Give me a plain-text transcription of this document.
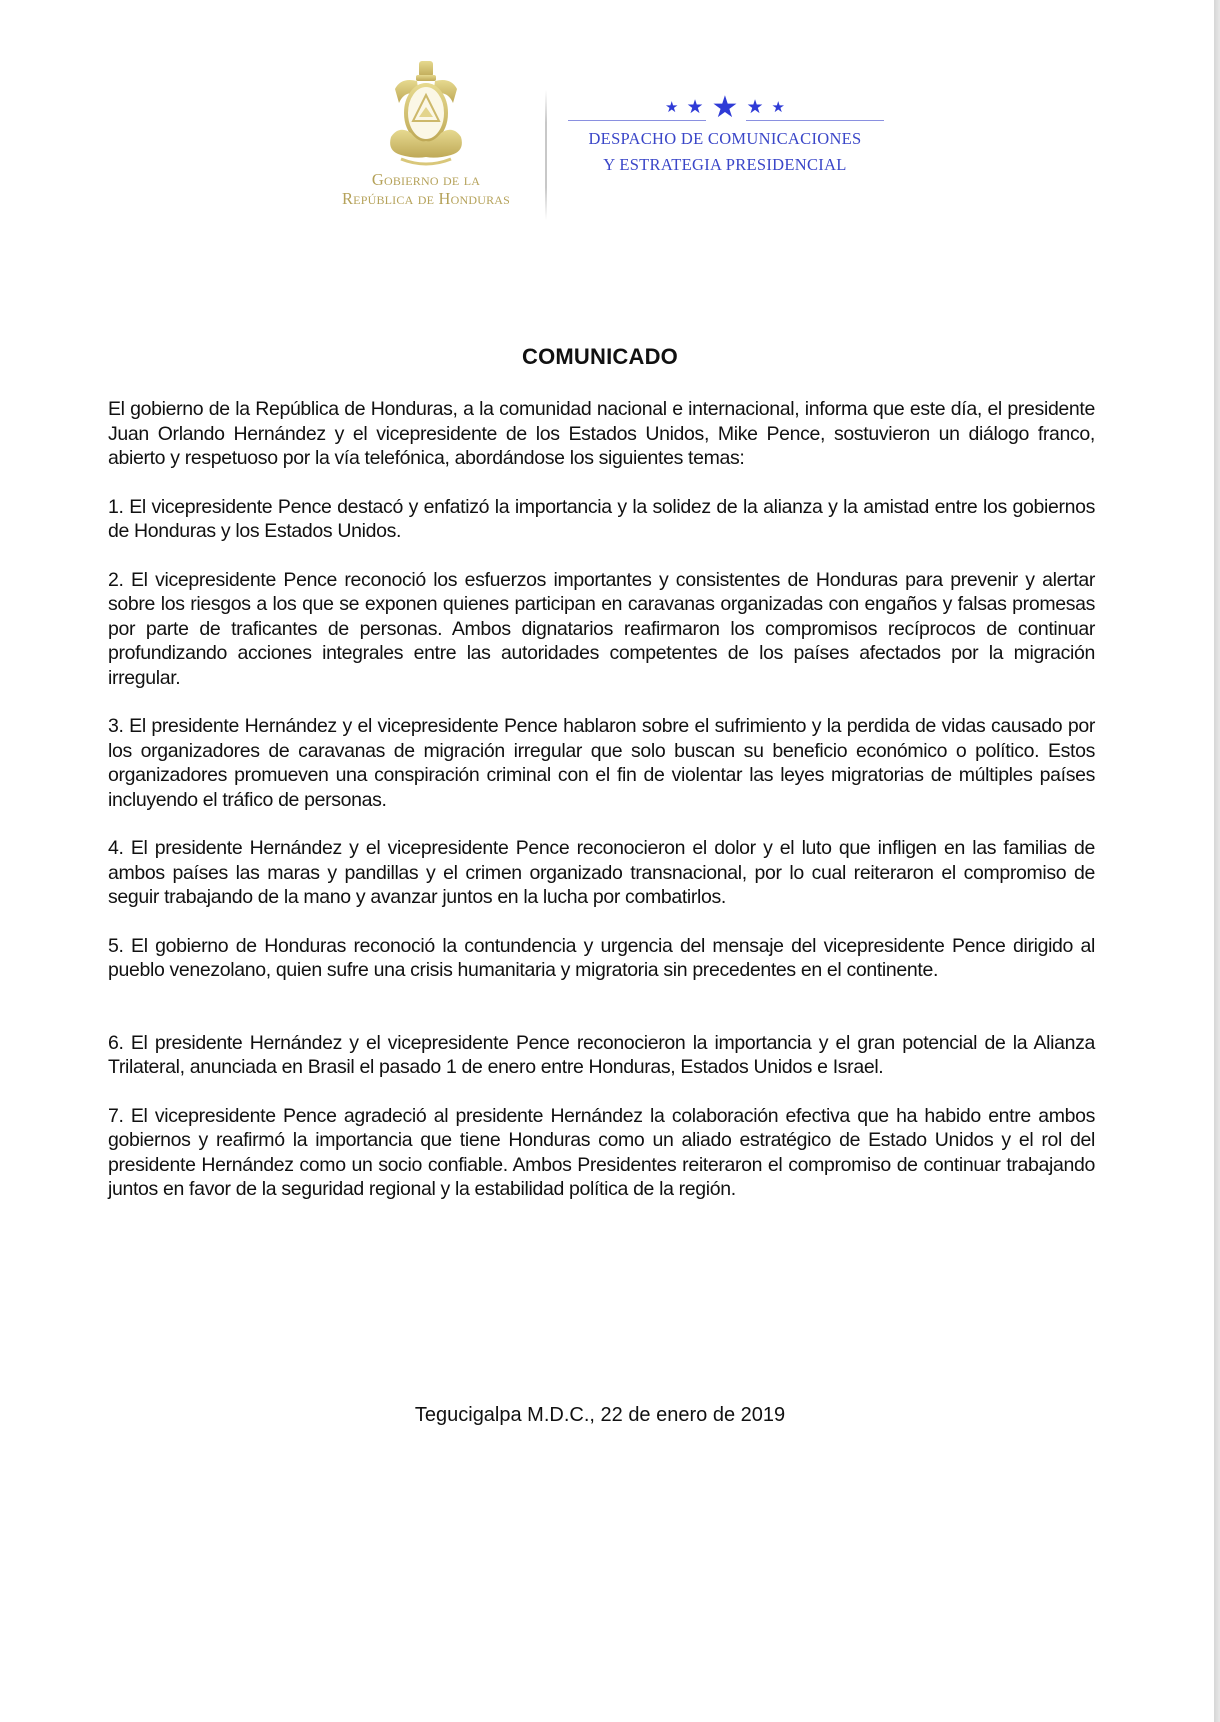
Gobierno de la
República de Honduras
★ ★ ★ ★ ★
DESPACHO DE COMUNICACIONES
Y ESTRATEGIA PRESIDENCIAL
COMUNICADO

El gobierno de la República de Honduras, a la comunidad nacional e internacional, informa que este día, el presidente Juan Orlando Hernández y el vicepresidente de los Estados Unidos, Mike Pence, sostuvieron un diálogo franco, abierto y respetuoso por la vía telefónica, abordándose los siguientes temas:

1. El vicepresidente Pence destacó y enfatizó la importancia y la solidez de la alianza y la amistad entre los gobiernos de Honduras y los Estados Unidos.

2. El vicepresidente Pence reconoció los esfuerzos importantes y consistentes de Honduras para prevenir y alertar sobre los riesgos a los que se exponen quienes participan en caravanas organizadas con engaños y falsas promesas por parte de traficantes de personas. Ambos dignatarios reafirmaron los compromisos recíprocos de continuar profundizando acciones integrales entre las autoridades competentes de los países afectados por la migración irregular.

3. El presidente Hernández y el vicepresidente Pence hablaron sobre el sufrimiento y la perdida de vidas causado por los organizadores de caravanas de migración irregular que solo buscan su beneficio económico o político. Estos organizadores promueven una conspiración criminal con el fin de violentar las leyes migratorias de múltiples países incluyendo el tráfico de personas.

4. El presidente Hernández y el vicepresidente Pence reconocieron el dolor y el luto que infligen en las familias de ambos países las maras y pandillas y el crimen organizado transnacional, por lo cual reiteraron el compromiso de seguir trabajando de la mano y avanzar juntos en la lucha por combatirlos.

5. El gobierno de Honduras reconoció la contundencia y urgencia del mensaje del vicepresidente Pence dirigido al pueblo venezolano, quien sufre una crisis humanitaria y migratoria sin precedentes en el continente.

6. El presidente Hernández y el vicepresidente Pence reconocieron la importancia y el gran potencial de la Alianza Trilateral, anunciada en Brasil el pasado 1 de enero entre Honduras, Estados Unidos e Israel.

7. El vicepresidente Pence agradeció al presidente Hernández la colaboración efectiva que ha habido entre ambos gobiernos y reafirmó la importancia que tiene Honduras como un aliado estratégico de Estado Unidos y el rol del presidente Hernández como un socio confiable. Ambos Presidentes reiteraron el compromiso de continuar trabajando juntos en favor de la seguridad regional y la estabilidad política de la región.

Tegucigalpa M.D.C., 22 de enero de 2019
